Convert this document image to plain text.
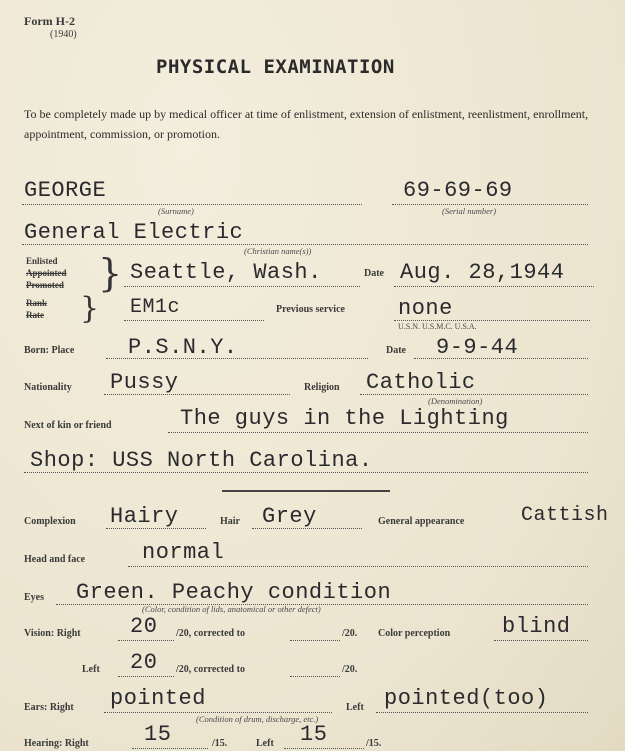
Form H-2
(1940)
PHYSICAL EXAMINATION
To be completely made up by medical officer at time of enlistment, extension of enlistment, reenlistment, enrollment, appointment, commission, or promotion.
GEORGE
(Surname)
69-69-69
(Serial number)
General Electric
(Christian name(s))
Enlisted
Appointed
Promoted
Rank
Rate
}
}
Seattle, Wash.	Date Aug. 28,1944
EM1c	Previous service none
U.S.N. U.S.M.C. U.S.A.
Born: Place P.S.N.Y.	Date 9-9-44
Nationality Pussy	Religion Catholic
(Denomination)
Next of kin or friend	The guys in the Lighting
Shop: USS North Carolina.
Complexion Hairy	Hair Grey	General appearance	Cattish
Head and face	normal
Eyes Green. Peachy condition
(Color, condition of lids, anatomical or other defect)
Vision: Right 20 /20, corrected to	/20. Color perception blind
Left 20 /20, corrected to	/20.
Ears: Right pointed	Left pointed(too)
(Condition of drum, discharge, etc.)
Hearing: Right	15	/15.	Left 15	/15.
